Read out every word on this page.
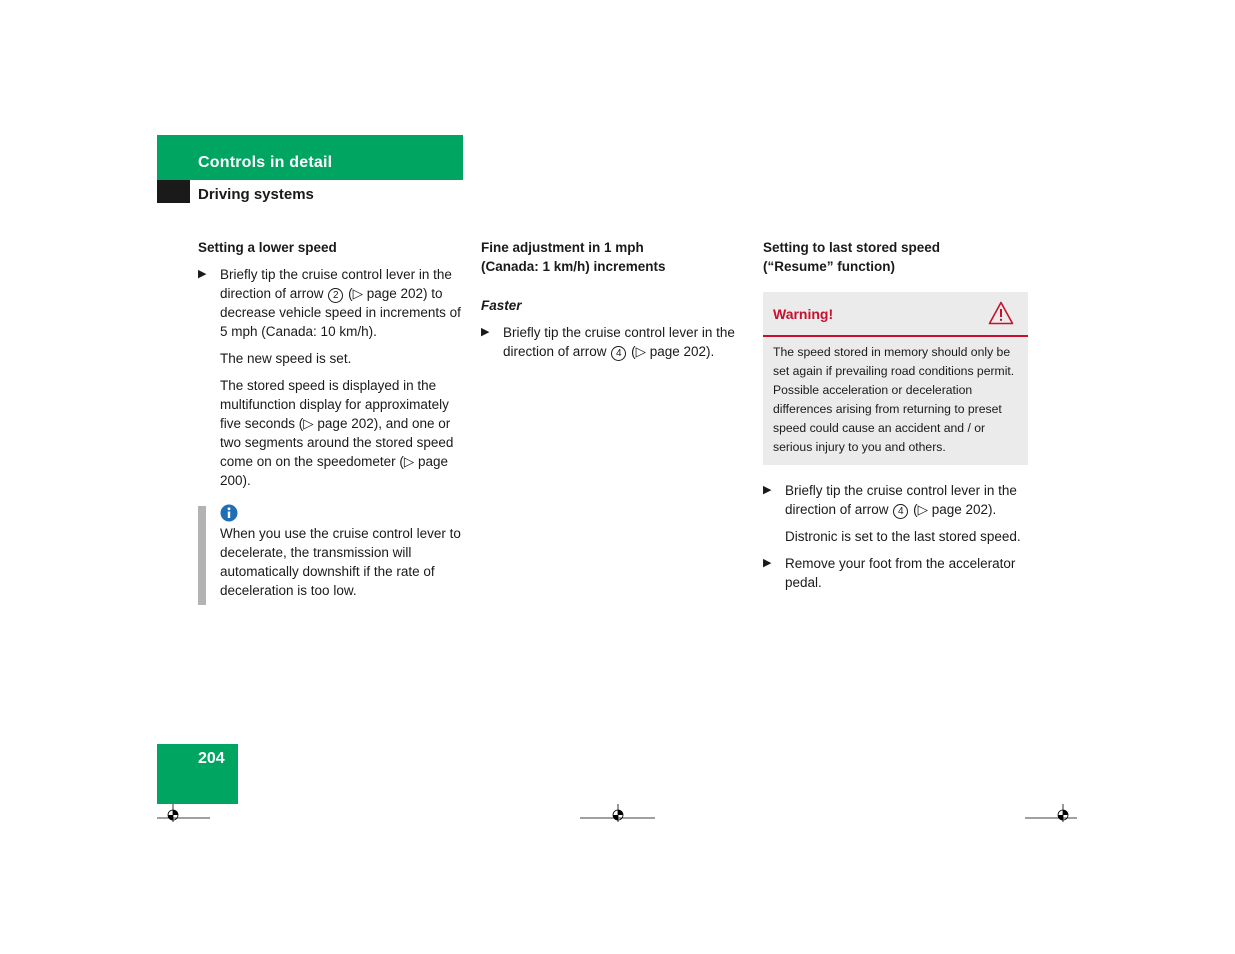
Controls in detail
Driving systems

Setting a lower speed

▶ Briefly tip the cruise control lever in the direction of arrow 2 (▷ page 202) to decrease vehicle speed in increments of 5 mph (Canada: 10 km/h).

The new speed is set.

The stored speed is displayed in the multifunction display for approximately five seconds (▷ page 202), and one or two segments around the stored speed come on on the speedometer (▷ page 200).

When you use the cruise control lever to decelerate, the transmission will automatically downshift if the rate of deceleration is too low.

Fine adjustment in 1 mph
(Canada: 1 km/h) increments

Faster

▶ Briefly tip the cruise control lever in the direction of arrow 4 (▷ page 202).

Setting to last stored speed
(“Resume” function)

Warning!
The speed stored in memory should only be set again if prevailing road conditions permit. Possible acceleration or deceleration differences arising from returning to preset speed could cause an accident and / or serious injury to you and others.
▶ Briefly tip the cruise control lever in the direction of arrow 4 (▷ page 202).

Distronic is set to the last stored speed.

▶ Remove your foot from the accelerator pedal.
204
